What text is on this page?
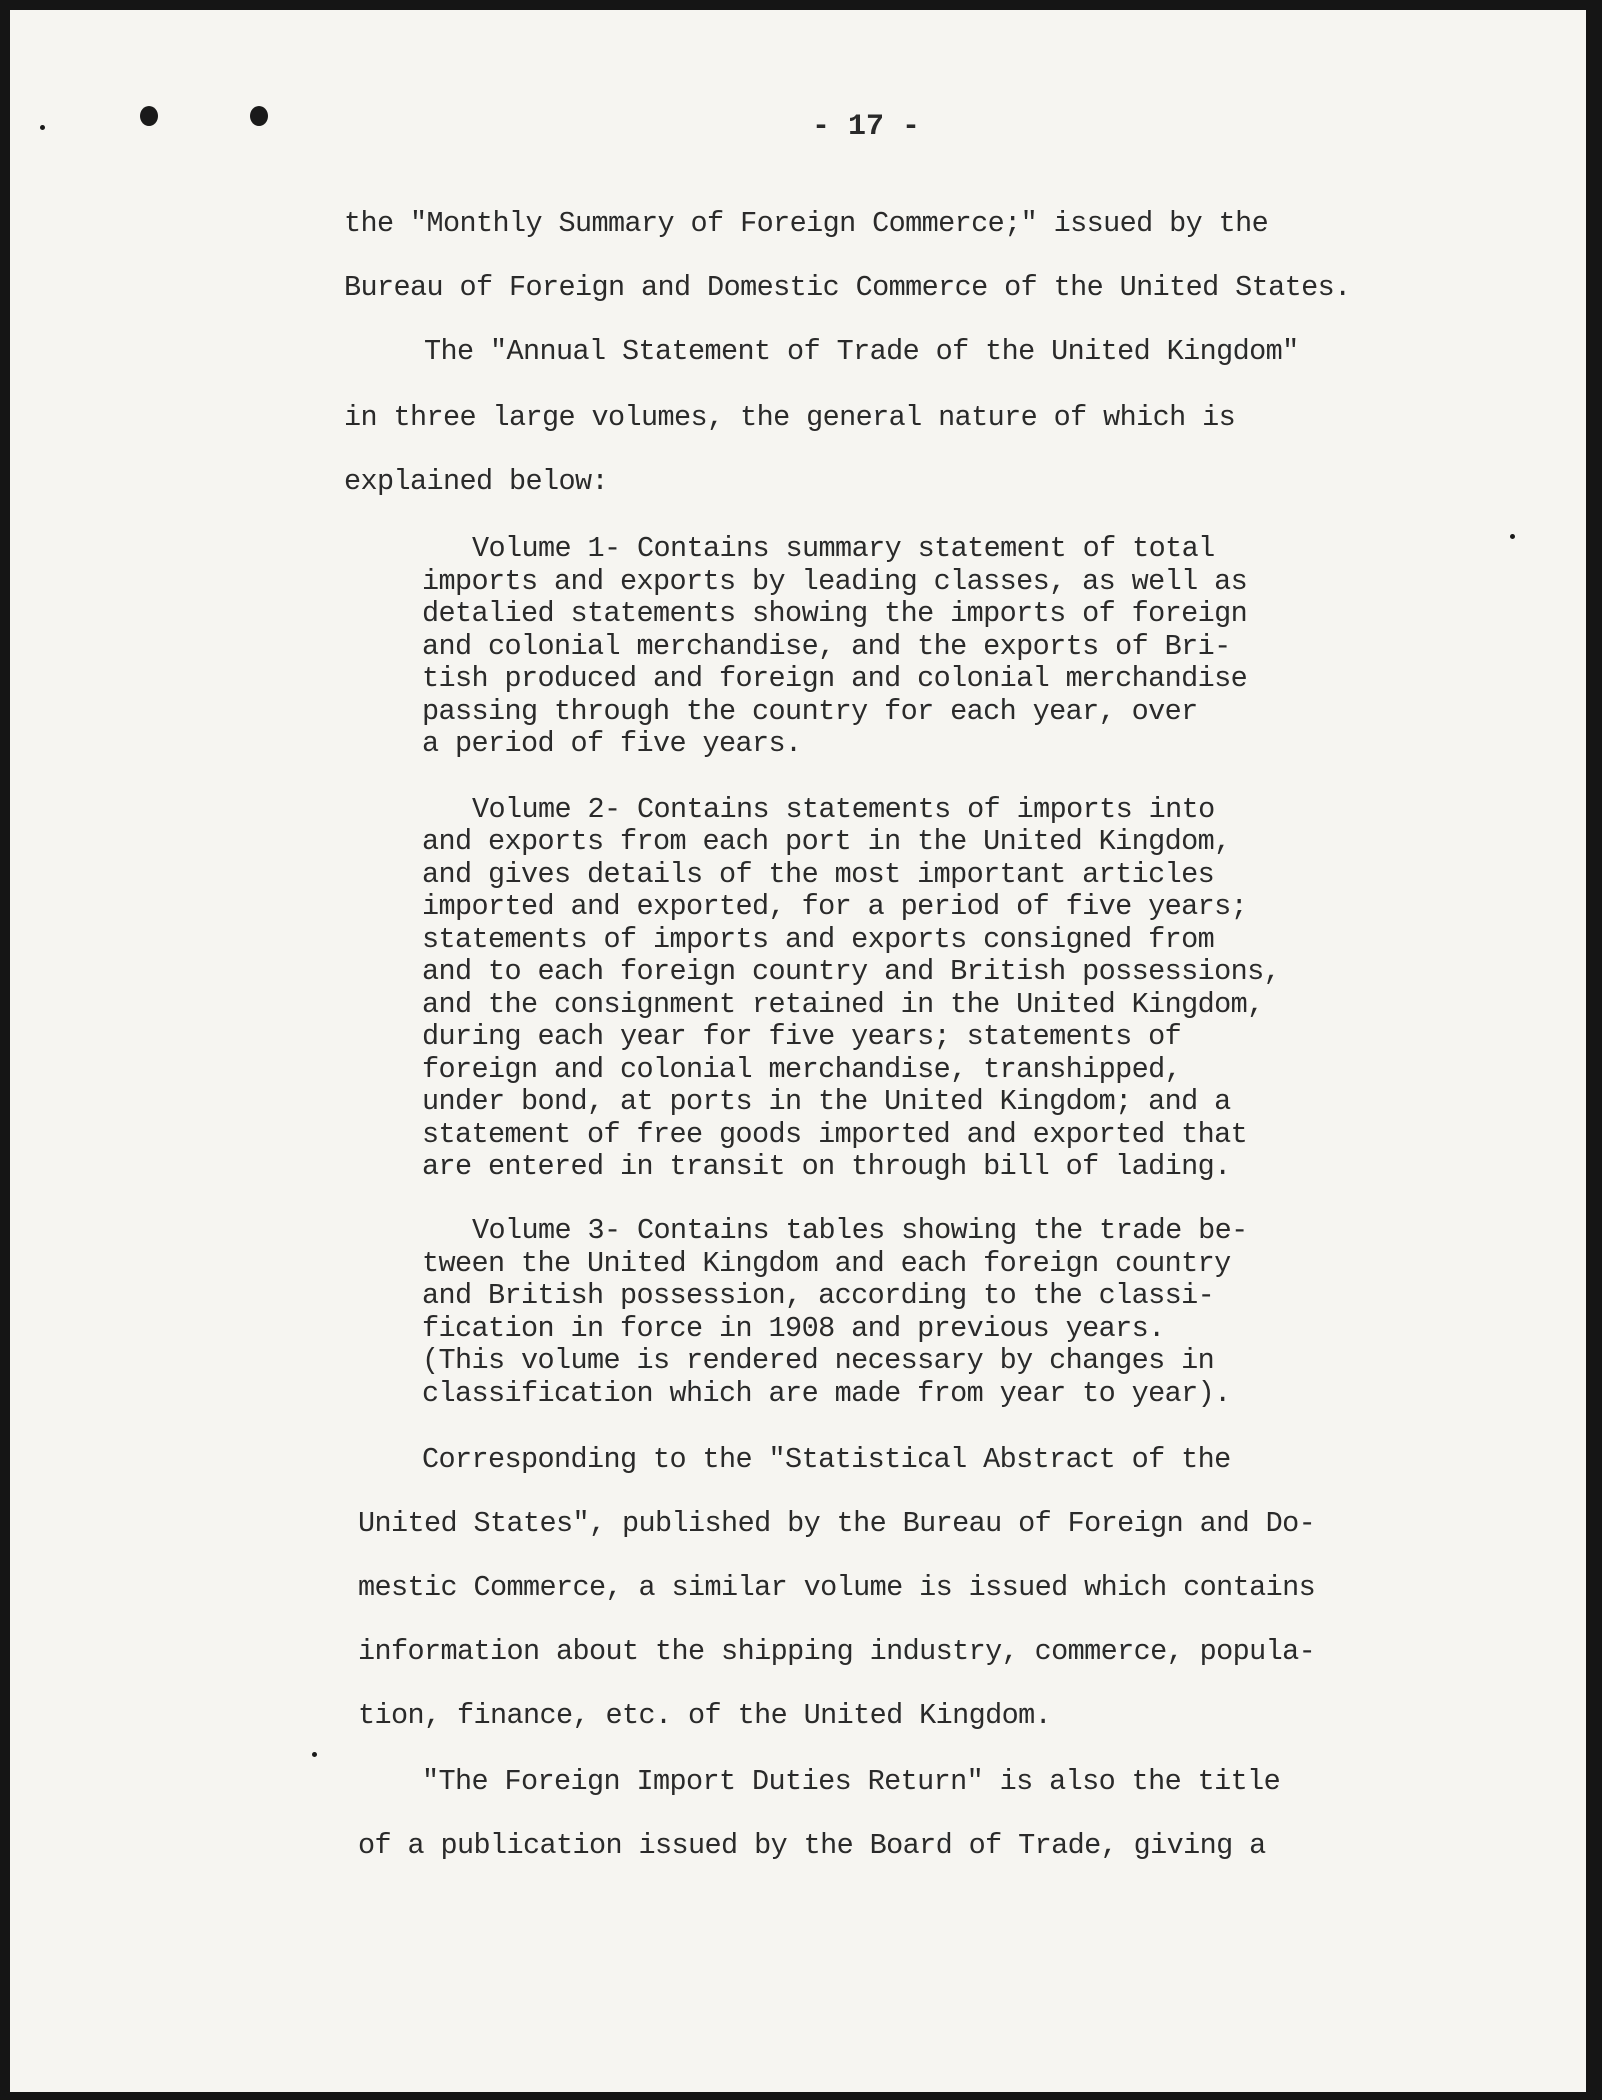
- 17 -
the "Monthly Summary of Foreign Commerce;" issued by the
Bureau of Foreign and Domestic Commerce of the United States.
The "Annual Statement of Trade of the United Kingdom"
in three large volumes, the general nature of which is
explained below:
Volume 1- Contains summary statement of total
imports and exports by leading classes, as well as
detalied statements showing the imports of foreign
and colonial merchandise, and the exports of Bri-
tish produced and foreign and colonial merchandise
passing through the country for each year, over
a period of five years.
Volume 2- Contains statements of imports into
and exports from each port in the United Kingdom,
and gives details of the most important articles
imported and exported, for a period of five years;
statements of imports and exports consigned from
and to each foreign country and British possessions,
and the consignment retained in the United Kingdom,
during each year for five years; statements of
foreign and colonial merchandise, transhipped,
under bond, at ports in the United Kingdom; and a
statement of free goods imported and exported that
are entered in transit on through bill of lading.
Volume 3- Contains tables showing the trade be-
tween the United Kingdom and each foreign country
and British possession, according to the classi-
fication in force in 1908 and previous years.
(This volume is rendered necessary by changes in
classification which are made from year to year).
Corresponding to the "Statistical Abstract of the
United States", published by the Bureau of Foreign and Do-
mestic Commerce, a similar volume is issued which contains
information about the shipping industry, commerce, popula-
tion, finance, etc. of the United Kingdom.
"The Foreign Import Duties Return" is also the title
of a publication issued by the Board of Trade, giving a
